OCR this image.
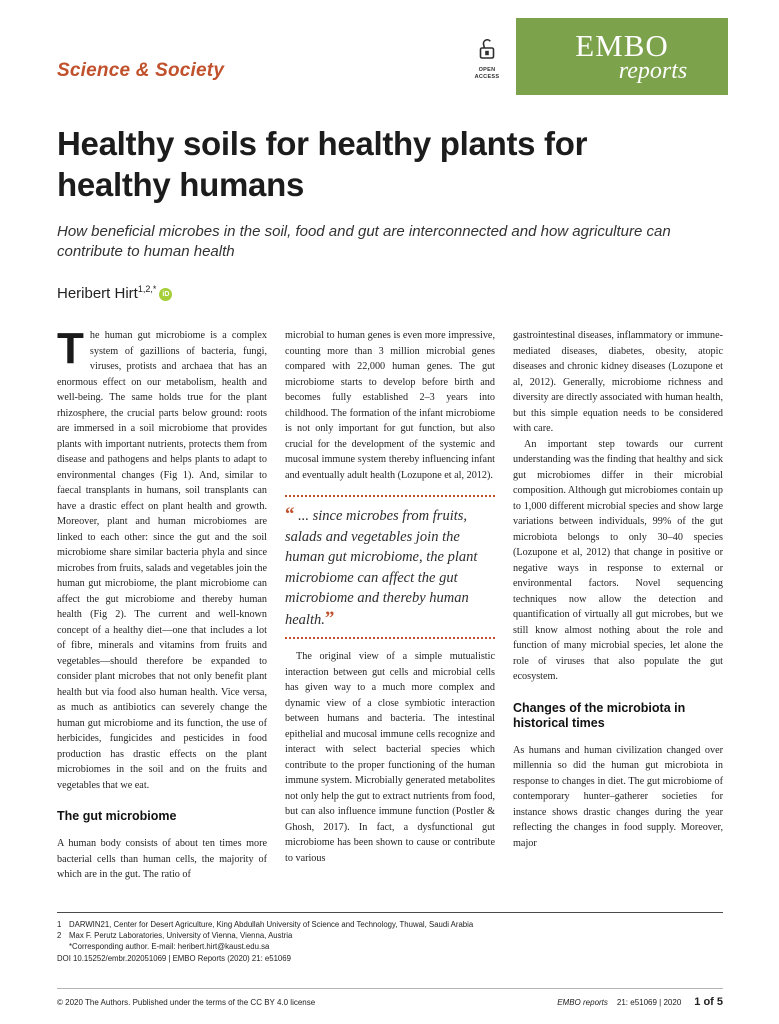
Science & Society	OPEN
ACCESS
EMBO
reports
Healthy soils for healthy plants for healthy humans
How beneficial microbes in the soil, food and gut are interconnected and how agriculture can contribute to human health
Heribert Hirt$^{1,2,*}$iD

The human gut microbiome is a complex system of gazillions of bacteria, fungi, viruses, protists and archaea that has an enormous effect on our metabolism, health and well-being. The same holds true for the plant rhizosphere, the crucial parts below ground: roots are immersed in a soil microbiome that provides plants with important nutrients, protects them from disease and pathogens and helps plants to adapt to environmental changes (Fig 1). And, similar to faecal transplants in humans, soil transplants can have a drastic effect on plant health and growth. Moreover, plant and human microbiomes are linked to each other: since the gut and the soil microbiome share similar bacteria phyla and since microbes from fruits, salads and vegetables join the human gut microbiome, the plant microbiome can affect the gut microbiome and thereby human health (Fig 2). The current and well-known concept of a healthy diet—one that includes a lot of fibre, minerals and vitamins from fruits and vegetables—should therefore be expanded to consider plant microbes that not only benefit plant health but via food also human health. Vice versa, as much as antibiotics can severely change the human gut microbiome and its function, the use of herbicides, fungicides and pesticides in food production has drastic effects on the plant microbiomes in the soil and on the fruits and vegetables that we eat.

The gut microbiome

A human body consists of about ten times more bacterial cells than human cells, the majority of which are in the gut. The ratio of

microbial to human genes is even more impressive, counting more than 3 million microbial genes compared with 22,000 human genes. The gut microbiome starts to develop before birth and becomes fully established 2–3 years into childhood. The formation of the infant microbiome is not only important for gut function, but also crucial for the development of the systemic and mucosal immune system thereby influencing infant and eventually adult health (Lozupone et al, 2012).

“ ... since microbes from fruits, salads and vegetables join the human gut microbiome, the plant microbiome can affect the gut microbiome and thereby human health.”

The original view of a simple mutualistic interaction between gut cells and microbial cells has given way to a much more complex and dynamic view of a close symbiotic interaction between humans and bacteria. The intestinal epithelial and mucosal immune cells recognize and interact with select bacterial species which contribute to the proper functioning of the human immune system. Microbially generated metabolites not only help the gut to extract nutrients from food, but can also influence immune function (Postler & Ghosh, 2017). In fact, a dysfunctional gut microbiome has been shown to cause or contribute to various

gastrointestinal diseases, inflammatory or immune-mediated diseases, diabetes, obesity, atopic diseases and chronic kidney diseases (Lozupone et al, 2012). Generally, microbiome richness and diversity are directly associated with human health, but this simple equation needs to be considered with care.

An important step towards our current understanding was the finding that healthy and sick gut microbiomes differ in their microbial composition. Although gut microbiomes contain up to 1,000 different microbial species and show large variations between individuals, 99% of the gut microbiota belongs to only 30–40 species (Lozupone et al, 2012) that change in positive or negative ways in response to external or environmental factors. Novel sequencing techniques now allow the detection and quantification of virtually all gut microbes, but we still know almost nothing about the role and function of many microbial species, let alone the role of viruses that also populate the gut ecosystem.

Changes of the microbiota in historical times

As humans and human civilization changed over millennia so did the human gut microbiota in response to changes in diet. The gut microbiome of contemporary hunter–gatherer societies for instance shows drastic changes during the year reflecting the changes in food supply. Moreover, major

1 DARWIN21, Center for Desert Agriculture, King Abdullah University of Science and Technology, Thuwal, Saudi Arabia
2 Max F. Perutz Laboratories, University of Vienna, Vienna, Austria
*Corresponding author. E-mail: heribert.hirt@kaust.edu.sa
DOI 10.15252/embr.202051069 | EMBO Reports (2020) 21: e51069
© 2020 The Authors. Published under the terms of the CC BY 4.0 license	EMBO reports 21: e51069 | 2020 1 of 5
